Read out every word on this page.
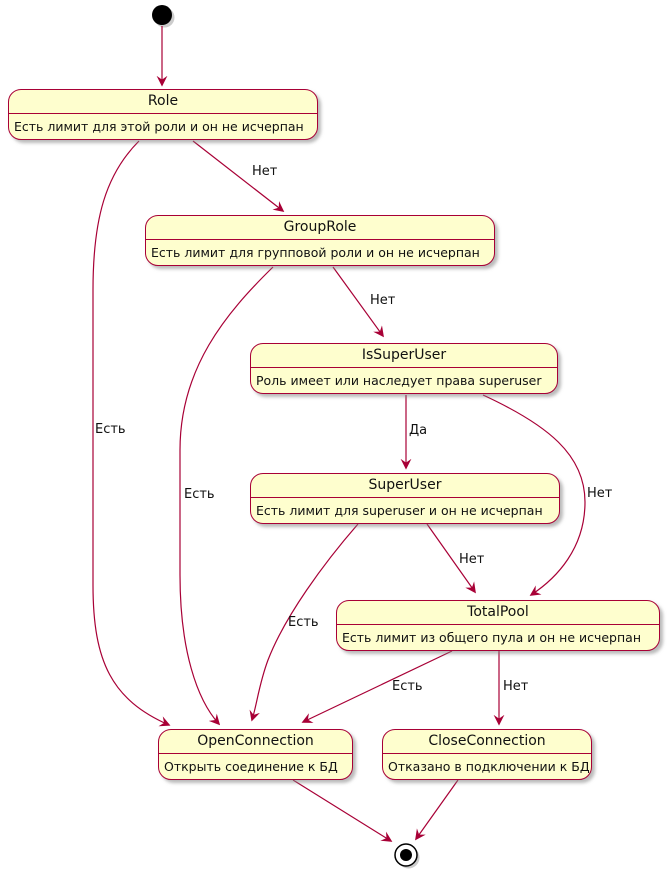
Role
Есть лимит для этой роли и он не исчерпан
GroupRole
Есть лимит для групповой роли и он не исчерпан
IsSuperUser
Роль имеет или наследует права superuser
SuperUser
Есть лимит для superuser и он не исчерпан
TotalPool
Есть лимит из общего пула и он не исчерпан
OpenConnection
Открыть соединение к БД
CloseConnection
Отказано в подключении к БД
Нет
Есть
Нет
Есть
Да
Нет
Нет
Есть
Есть	Нет
